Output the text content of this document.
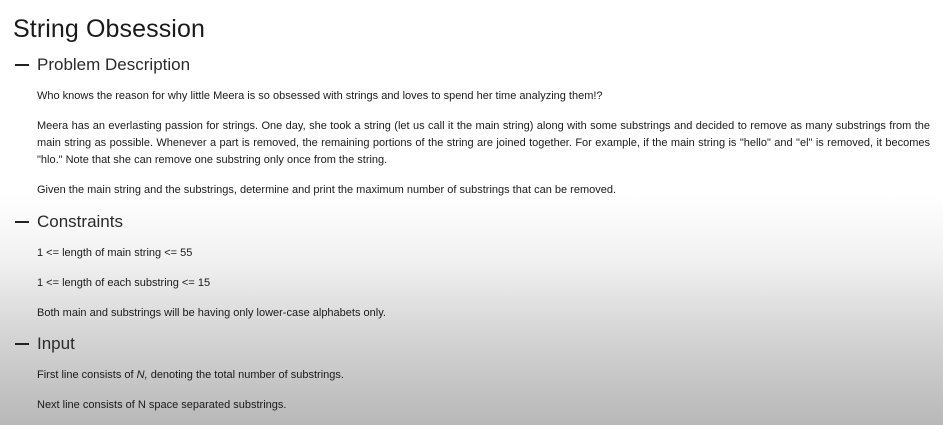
String Obsession
Problem Description

Who knows the reason for why little Meera is so obsessed with strings and loves to spend her time analyzing them!?

Meera has an everlasting passion for strings. One day, she took a string (let us call it the main string) along with some substrings and decided to remove as many substrings from the main string as possible. Whenever a part is removed, the remaining portions of the string are joined together. For example, if the main string is "hello" and "el" is removed, it becomes "hlo." Note that she can remove one substring only once from the string.

Given the main string and the substrings, determine and print the maximum number of substrings that can be removed.

Constraints

1 <= length of main string <= 55

1 <= length of each substring <= 15

Both main and substrings will be having only lower-case alphabets only.

Input

First line consists of N, denoting the total number of substrings.

Next line consists of N space separated substrings.
